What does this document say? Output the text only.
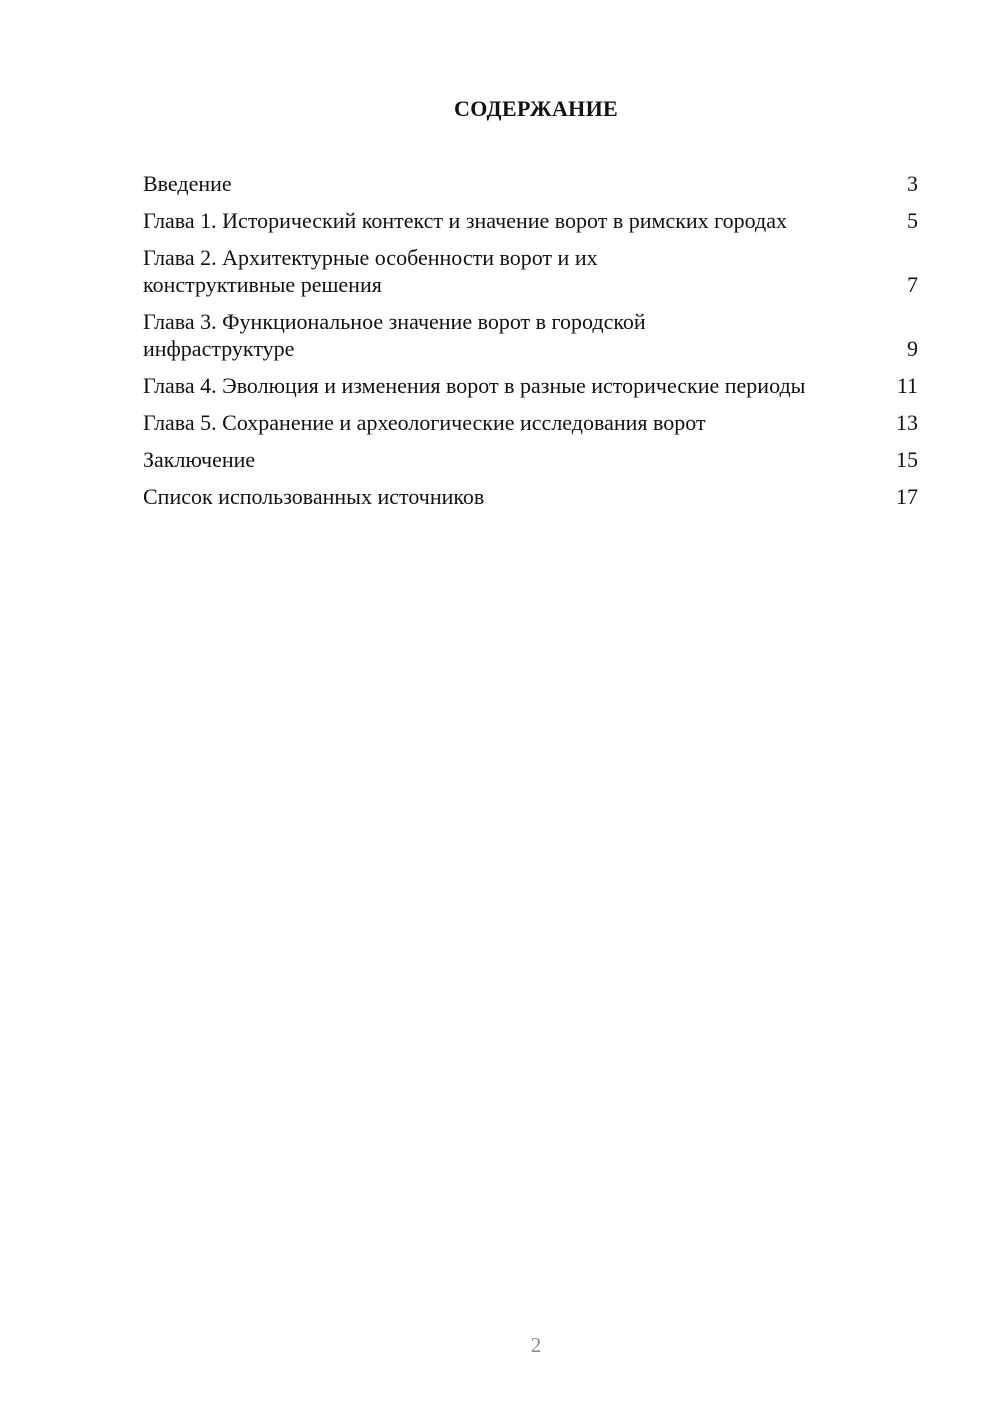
СОДЕРЖАНИЕ
Введение	3
Глава 1. Исторический контекст и значение ворот в римских городах	5
Глава 2. Архитектурные особенности ворот и их конструктивные решения	7
Глава 3. Функциональное значение ворот в городской инфраструктуре	9
Глава 4. Эволюция и изменения ворот в разные исторические периоды	11
Глава 5. Сохранение и археологические исследования ворот	13
Заключение	15
Список использованных источников	17
2
